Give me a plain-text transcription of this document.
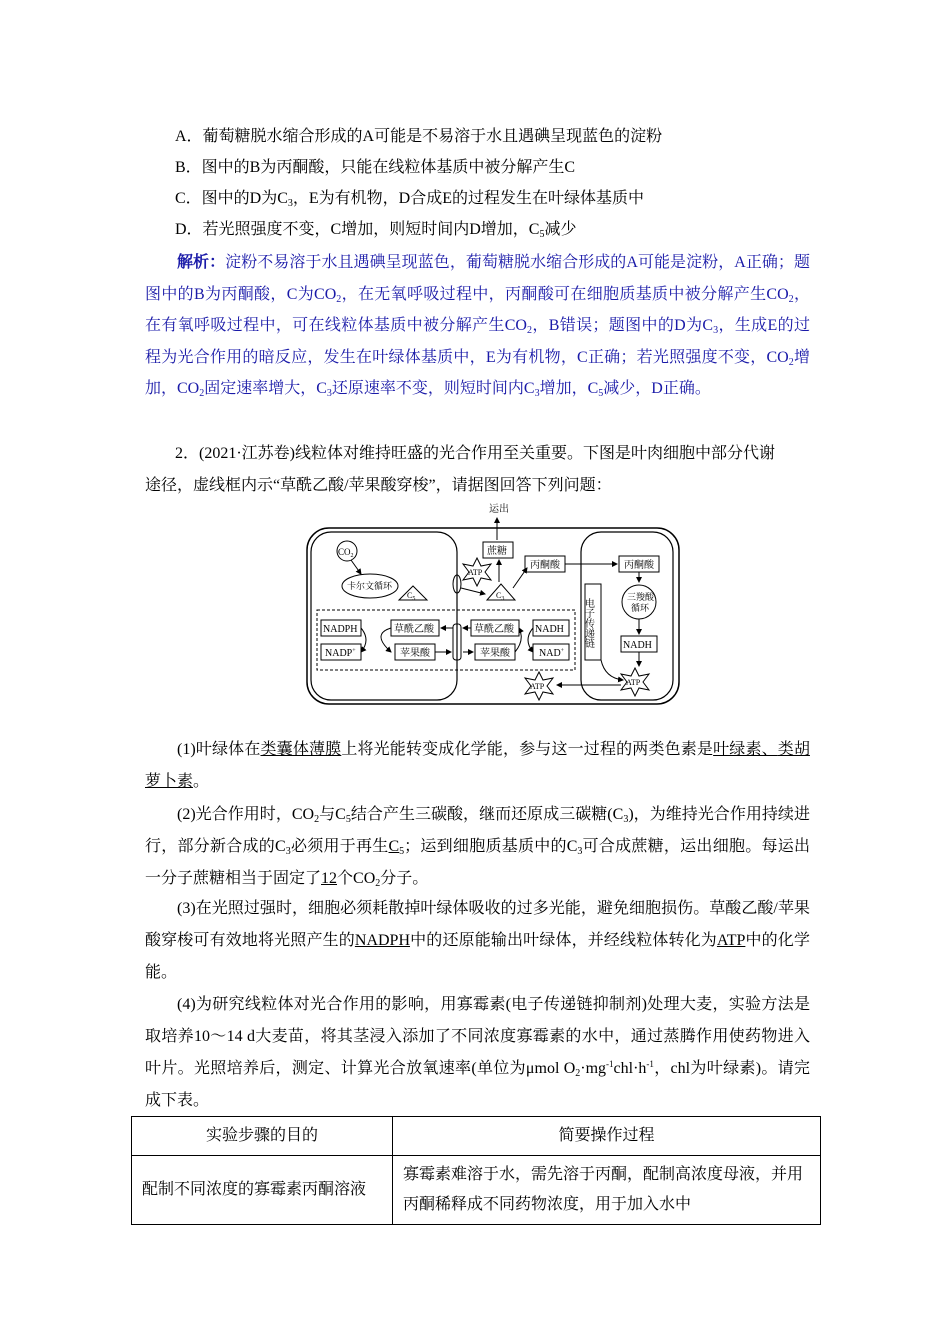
A．葡萄糖脱水缩合形成的A可能是不易溶于水且遇碘呈现蓝色的淀粉
B．图中的B为丙酮酸，只能在线粒体基质中被分解产生C
C．图中的D为$C_3$，E为有机物，D合成E的过程发生在叶绿体基质中
D．若光照强度不变，C增加，则短时间内D增加，$C_5$减少
解析：淀粉不易溶于水且遇碘呈现蓝色，葡萄糖脱水缩合形成的A可能是淀粉，A正确；题图中的B为丙酮酸，C为$CO_2$，在无氧呼吸过程中，丙酮酸可在细胞质基质中被分解产生$CO_2$，在有氧呼吸过程中，可在线粒体基质中被分解产生$CO_2$，B错误；题图中的D为$C_3$，生成E的过程为光合作用的暗反应，发生在叶绿体基质中，E为有机物，C正确；若光照强度不变，$CO_2$增加，$CO_2$固定速率增大，$C_3$还原速率不变，则短时间内$C_3$增加，$C_5$减少，D正确。
2．(2021·江苏卷)线粒体对维持旺盛的光合作用至关重要。下图是叶肉细胞中部分代谢
途径，虚线框内示“草酰乙酸/苹果酸穿梭”，请据图回答下列问题：
运出
$CO_2$
卡尔文循环
$C_5$	$C_3$
蔗糖
ATP
丙酮酸	丙酮酸
三羧酸
循环
电子传递链	NADH
ATP
ATP
NADPH
NADP+
草酰乙酸
苹果酸
草酰乙酸
苹果酸
NADH
NAD+
(1)叶绿体在类囊体薄膜上将光能转变成化学能，参与这一过程的两类色素是叶绿素、类胡萝卜素。
(2)光合作用时，$CO_2$与$C_5$结合产生三碳酸，继而还原成三碳糖$(C_3)$，为维持光合作用持续进行，部分新合成的$C_3$必须用于再生$C_5$；运到细胞质基质中的$C_3$可合成蔗糖，运出细胞。每运出一分子蔗糖相当于固定了12个$CO_2$分子。
(3)在光照过强时，细胞必须耗散掉叶绿体吸收的过多光能，避免细胞损伤。草酸乙酸/苹果酸穿梭可有效地将光照产生的NADPH中的还原能输出叶绿体，并经线粒体转化为ATP中的化学能。
(4)为研究线粒体对光合作用的影响，用寡霉素(电子传递链抑制剂)处理大麦，实验方法是取培养10～14 d大麦苗，将其茎浸入添加了不同浓度寡霉素的水中，通过蒸腾作用使药物进入叶片。光照培养后，测定、计算光合放氧速率(单位为μmol $O_2\cdot mg^{-1}chl\cdot h^{-1}$，chl为叶绿素)。请完成下表。
实验步骤的目的	简要操作过程
配制不同浓度的寡霉素丙酮溶液	寡霉素难溶于水，需先溶于丙酮，配制高浓度母液，并用丙酮稀释成不同药物浓度，用于加入水中
